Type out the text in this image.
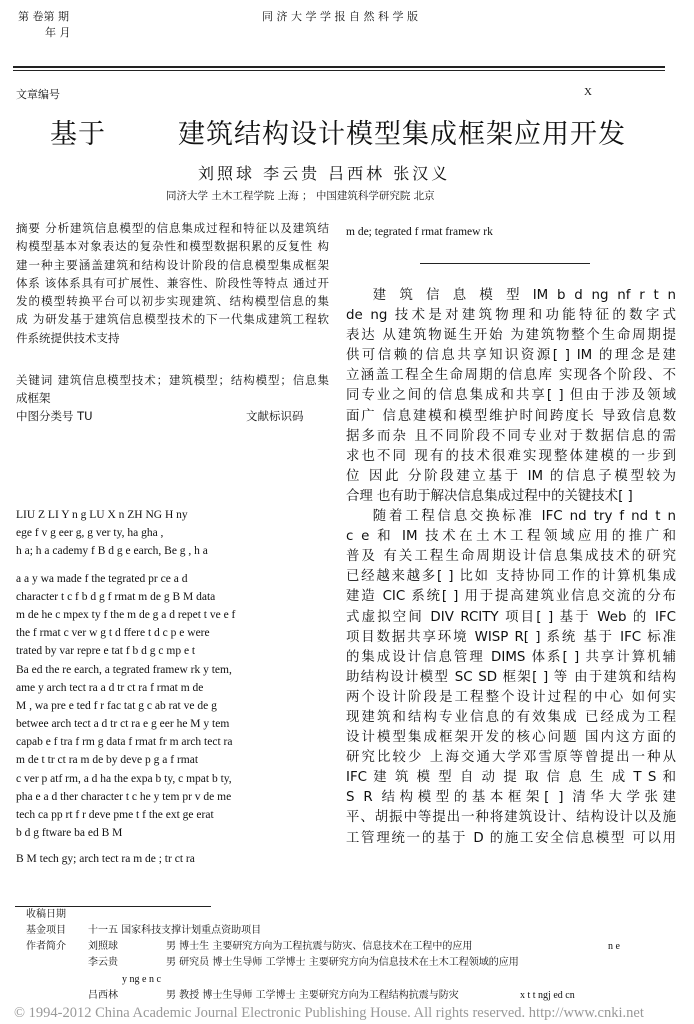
第 卷第 期
年 月
同 济 大 学 学 报 自 然 科 学 版
文章编号	X
基于	建筑结构设计模型集成框架应用开发
刘照球 李云贵 吕西林 张汉义
同济大学 土木工程学院 上海 ； 中国建筑科学研究院 北京
摘要 分析建筑信息模型的信息集成过程和特征以及建筑结
构模型基本对象表达的复杂性和模型数据积累的反复性 构
建一种主要涵盖建筑和结构设计阶段的信息模型集成框架
体系 该体系具有可扩展性、兼容性、阶段性等特点 通过开
发的模型转换平台可以初步实现建筑、结构模型信息的集
成 为研发基于建筑信息模型技术的下一代集成建筑工程软
件系统提供技术支持
关键词 建筑信息模型技术；建筑模型；结构模型；信息集
成框架
中图分类号 TU	文献标识码
LIU Z LI Y n g LU X n ZH NG H ny
ege f v g eer g, g ver ty, ha gha ,
h a; h a cademy f B d g e earch, Be g , h a
a a y wa made f the tegrated pr ce a d
character t c f b d g f rmat m de g B M data
m de he c mpex ty f the m de g a d repet t ve e f
the f rmat c ver w g t d ffere t d c p e were
trated by var repre e tat f b d g c mp e t
Ba ed the re earch, a tegrated framew rk y tem,
ame y arch tect ra a d tr ct ra f rmat m de
M , wa pre e ted f r fac tat g c ab rat ve de g
betwee arch tect a d tr ct ra e g eer he M y tem
capab e f tra f rm g data f rmat fr m arch tect ra
m de t tr ct ra m de by deve p g a f rmat
c ver p atf rm, a d ha the expa b ty, c mpat b ty,
pha e a d ther character t c he y tem pr v de me
tech ca pp rt f r deve pme t f the ext ge erat
b d g ftware ba ed B M
B M tech gy; arch tect ra m de ; tr ct ra
m de; tegrated f rmat framew rk
建 筑 信 息 模 型 IM b d ng nf r t n
de ng 技术是对建筑物理和功能特征的数字式
表达 从建筑物诞生开始 为建筑物整个生命周期提
供可信赖的信息共享知识资源[ ] IM 的理念是建
立涵盖工程全生命周期的信息库 实现各个阶段、不
同专业之间的信息集成和共享[ ] 但由于涉及领域
面广 信息建模和模型维护时间跨度长 导致信息数
据多而杂 且不同阶段不同专业对于数据信息的需
求也不同 现有的技术很难实现整体建模的一步到
位 因此 分阶段建立基于 IM 的信息子模型较为
合理 也有助于解决信息集成过程中的关键技术[ ]
随着工程信息交换标准 IFC nd try f nd t n
c e 和 IM 技术在土木工程领域应用的推广和
普及 有关工程生命周期设计信息集成技术的研究
已经越来越多[ ] 比如 支持协同工作的计算机集成
建造 CIC 系统[ ] 用于提高建筑业信息交流的分布
式虚拟空间 DIV RCITY 项目[ ] 基于 Web 的 IFC
项目数据共享环境 WISP R[ ] 系统 基于 IFC 标准
的集成设计信息管理 DIMS 体系[ ] 共享计算机辅
助结构设计模型 SC SD 框架[ ] 等 由于建筑和结构
两个设计阶段是工程整个设计过程的中心 如何实
现建筑和结构专业信息的有效集成 已经成为工程
设计模型集成框架开发的核心问题 国内这方面的
研究比较少 上海交通大学邓雪原等曾提出一种从
IFC 建 筑 模 型 自 动 提 取 信 息 生 成 T S 和
S R 结构模型的基本框架[ ] 清华大学张建
平、胡振中等提出一种将建筑设计、结构设计以及施
工管理统一的基于 D 的施工安全信息模型 可以用
收稿日期
基金项目 十一五 国家科技支撑计划重点资助项目
作者简介 刘照球	男 博士生 主要研究方向为工程抗震与防灾、信息技术在工程中的应用	n e
李云贵	男 研究员 博士生导师 工学博士 主要研究方向为信息技术在土木工程领域的应用
y ng e n c
吕西林	男 教授 博士生导师 工学博士 主要研究方向为工程结构抗震与防灾	x t t ngj ed cn
© 1994-2012 China Academic Journal Electronic Publishing House. All rights reserved. http://www.cnki.net
